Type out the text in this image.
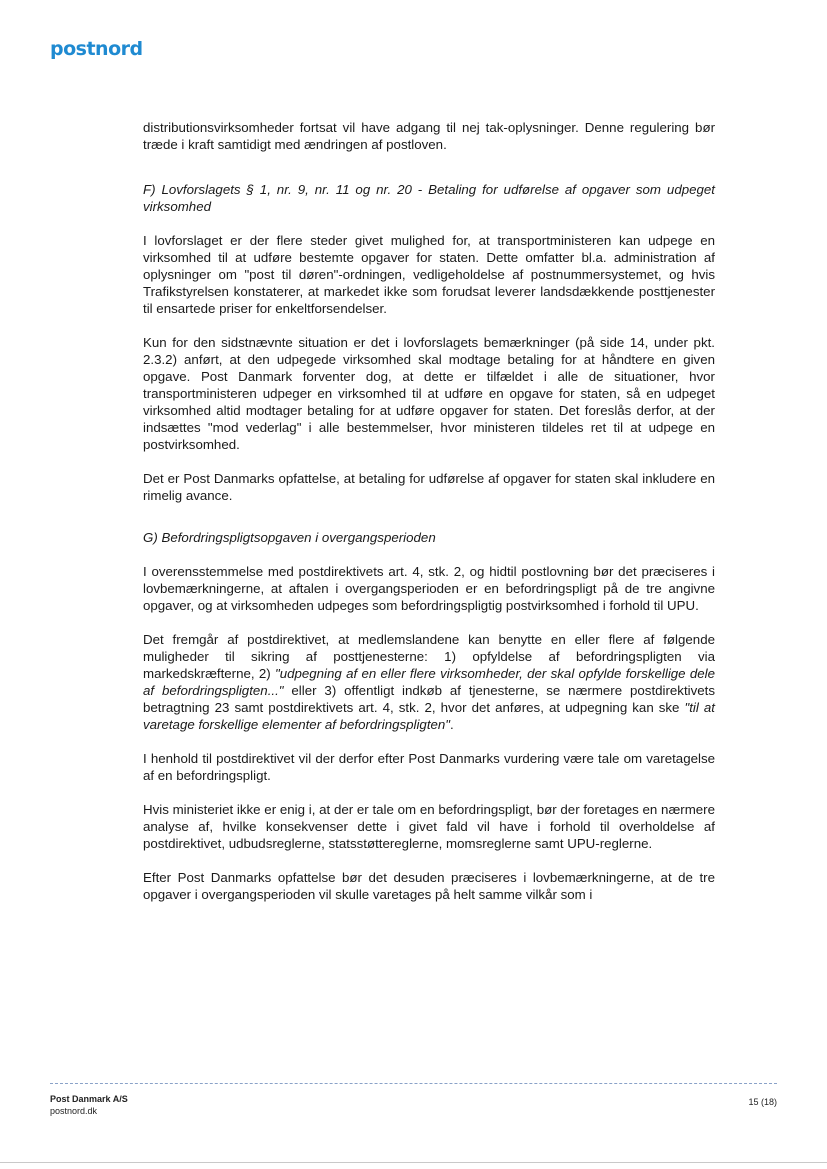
postnord

distributionsvirksomheder fortsat vil have adgang til nej tak-oplysninger. Denne regulering bør træde i kraft samtidigt med ændringen af postloven.

F) Lovforslagets § 1, nr. 9, nr. 11 og nr. 20 - Betaling for udførelse af opgaver som udpeget virksomhed

I lovforslaget er der flere steder givet mulighed for, at transportministeren kan udpege en virksomhed til at udføre bestemte opgaver for staten. Dette omfatter bl.a. administration af oplysninger om "post til døren"-ordningen, vedligeholdelse af postnummersystemet, og hvis Trafikstyrelsen konstaterer, at markedet ikke som forudsat leverer landsdækkende posttjenester til ensartede priser for enkeltforsendelser.

Kun for den sidstnævnte situation er det i lovforslagets bemærkninger (på side 14, under pkt. 2.3.2) anført, at den udpegede virksomhed skal modtage betaling for at håndtere en given opgave. Post Danmark forventer dog, at dette er tilfældet i alle de situationer, hvor transportministeren udpeger en virksomhed til at udføre en opgave for staten, så en udpeget virksomhed altid modtager betaling for at udføre opgaver for staten. Det foreslås derfor, at der indsættes "mod vederlag" i alle bestemmelser, hvor ministeren tildeles ret til at udpege en postvirksomhed.

Det er Post Danmarks opfattelse, at betaling for udførelse af opgaver for staten skal inkludere en rimelig avance.

G) Befordringspligtsopgaven i overgangsperioden

I overensstemmelse med postdirektivets art. 4, stk. 2, og hidtil postlovning bør det præciseres i lovbemærkningerne, at aftalen i overgangsperioden er en befordringspligt på de tre angivne opgaver, og at virksomheden udpeges som befordringspligtig postvirksomhed i forhold til UPU.

Det fremgår af postdirektivet, at medlemslandene kan benytte en eller flere af følgende muligheder til sikring af posttjenesterne: 1) opfyldelse af befordringspligten via markedskræfterne, 2) "udpegning af en eller flere virksomheder, der skal opfylde forskellige dele af befordringspligten..." eller 3) offentligt indkøb af tjenesterne, se nærmere postdirektivets betragtning 23 samt postdirektivets art. 4, stk. 2, hvor det anføres, at udpegning kan ske "til at varetage forskellige elementer af befordringspligten".

I henhold til postdirektivet vil der derfor efter Post Danmarks vurdering være tale om varetagelse af en befordringspligt.

Hvis ministeriet ikke er enig i, at der er tale om en befordringspligt, bør der foretages en nærmere analyse af, hvilke konsekvenser dette i givet fald vil have i forhold til overholdelse af postdirektivet, udbudsreglerne, statsstøttereglerne, momsreglerne samt UPU-reglerne.

Efter Post Danmarks opfattelse bør det desuden præciseres i lovbemærkningerne, at de tre opgaver i overgangsperioden vil skulle varetages på helt samme vilkår som i

Post Danmark A/S
postnord.dk
15 (18)
